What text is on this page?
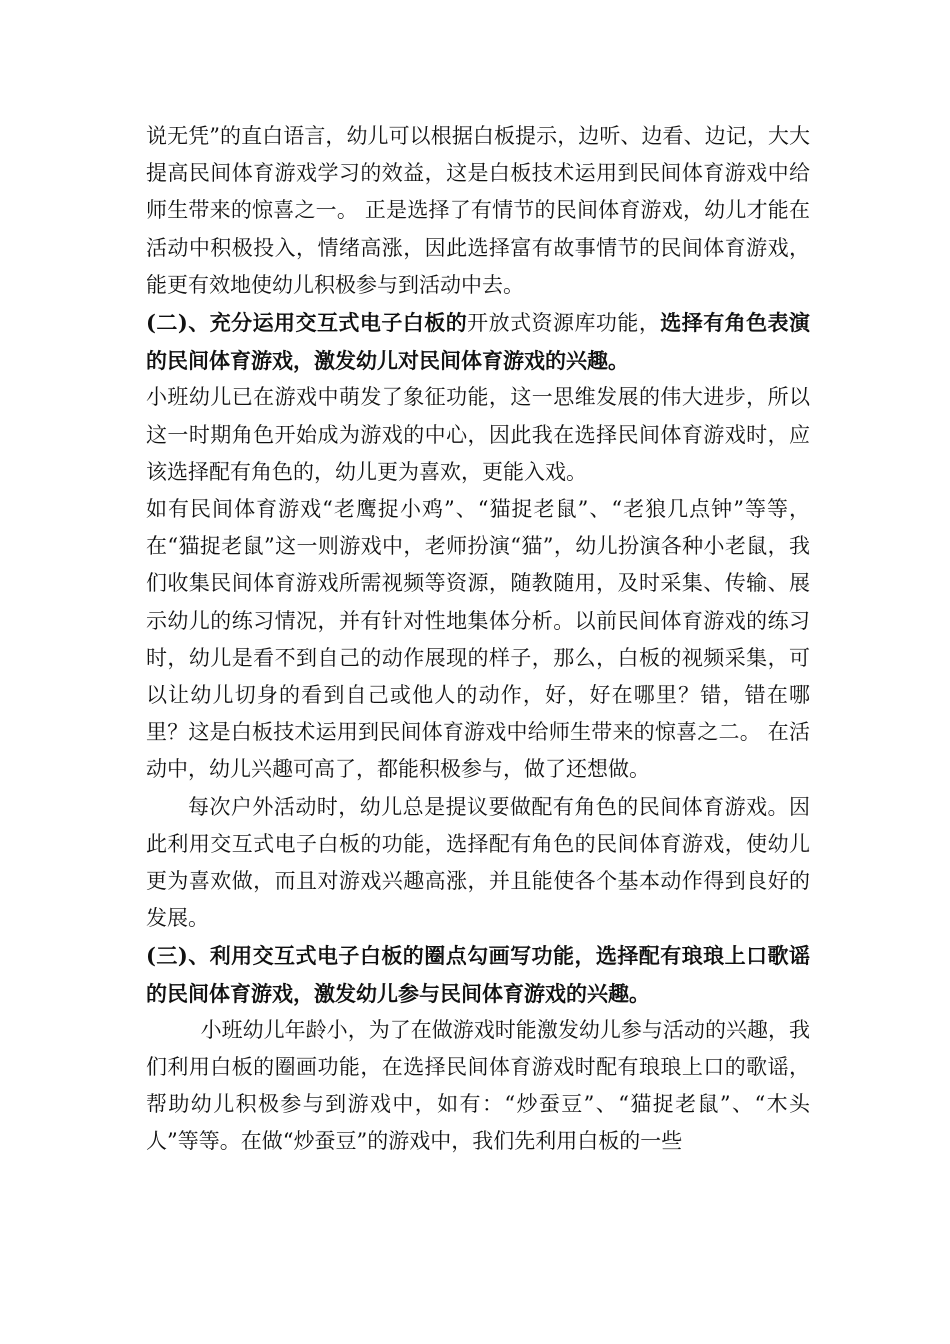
说无凭”的直白语言，幼儿可以根据白板提示，边听、边看、边记，大大提高民间体育游戏学习的效益，这是白板技术运用到民间体育游戏中给师生带来的惊喜之一。 正是选择了有情节的民间体育游戏，幼儿才能在活动中积极投入，情绪高涨，因此选择富有故事情节的民间体育游戏，能更有效地使幼儿积极参与到活动中去。

(二)、充分运用交互式电子白板的开放式资源库功能，选择有角色表演的民间体育游戏，激发幼儿对民间体育游戏的兴趣。

小班幼儿已在游戏中萌发了象征功能，这一思维发展的伟大进步，所以这一时期角色开始成为游戏的中心，因此我在选择民间体育游戏时，应该选择配有角色的，幼儿更为喜欢，更能入戏。

如有民间体育游戏“老鹰捉小鸡”、“猫捉老鼠”、“老狼几点钟”等等，在“猫捉老鼠”这一则游戏中，老师扮演“猫”，幼儿扮演各种小老鼠，我们收集民间体育游戏所需视频等资源，随教随用，及时采集、传输、展示幼儿的练习情况，并有针对性地集体分析。以前民间体育游戏的练习时，幼儿是看不到自己的动作展现的样子，那么，白板的视频采集，可以让幼儿切身的看到自己或他人的动作，好，好在哪里？错，错在哪里？这是白板技术运用到民间体育游戏中给师生带来的惊喜之二。 在活动中，幼儿兴趣可高了，都能积极参与，做了还想做。

每次户外活动时，幼儿总是提议要做配有角色的民间体育游戏。因此利用交互式电子白板的功能，选择配有角色的民间体育游戏，使幼儿更为喜欢做，而且对游戏兴趣高涨，并且能使各个基本动作得到良好的发展。

(三)、利用交互式电子白板的圈点勾画写功能，选择配有琅琅上口歌谣的民间体育游戏，激发幼儿参与民间体育游戏的兴趣。

小班幼儿年龄小，为了在做游戏时能激发幼儿参与活动的兴趣，我们利用白板的圈画功能，在选择民间体育游戏时配有琅琅上口的歌谣，帮助幼儿积极参与到游戏中，如有：“炒蚕豆”、“猫捉老鼠”、“木头人”等等。在做“炒蚕豆”的游戏中，我们先利用白板的一些
